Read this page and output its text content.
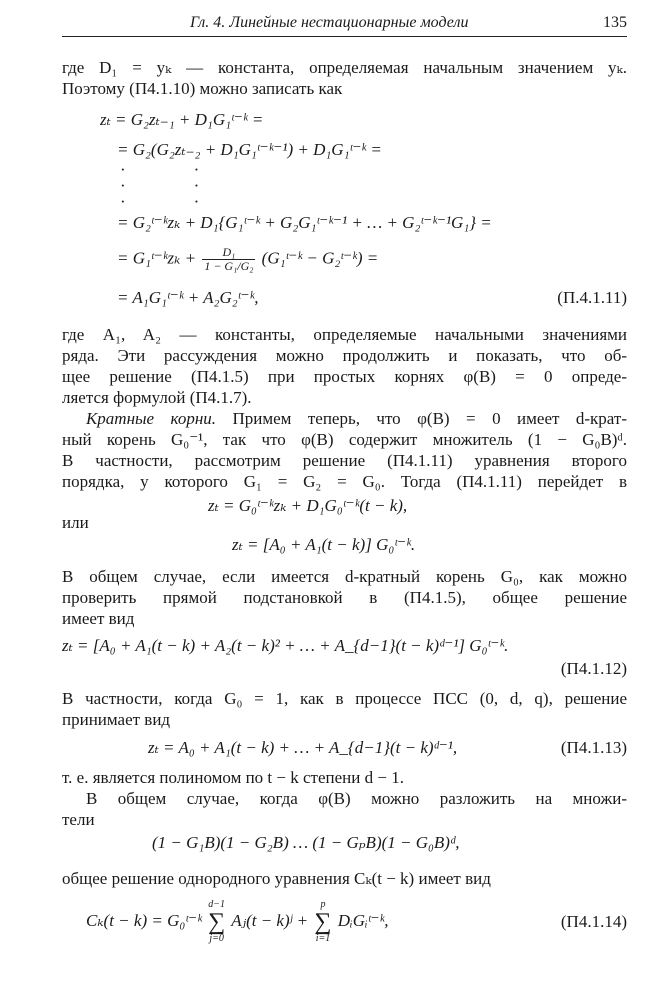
Гл. 4. Линейные нестационарные модели	135
где D₁ = yₖ — константа, определяемая начальным значением yₖ.
Поэтому (П4.1.10) можно записать как
zₜ = G₂zₜ₋₁ + D₁G₁ᵗ⁻ᵏ =
= G₂(G₂zₜ₋₂ + D₁G₁ᵗ⁻ᵏ⁻¹) + D₁G₁ᵗ⁻ᵏ =
·                ·
·                ·
·                ·
= G₂ᵗ⁻ᵏzₖ + D₁{G₁ᵗ⁻ᵏ + G₂G₁ᵗ⁻ᵏ⁻¹ + … + G₂ᵗ⁻ᵏ⁻¹G₁} =
= G₁ᵗ⁻ᵏzₖ + $\frac{\text{D₁}}{\text{1 − G₁/G₂}}$ (G₁ᵗ⁻ᵏ − G₂ᵗ⁻ᵏ) =
= A₁G₁ᵗ⁻ᵏ + A₂G₂ᵗ⁻ᵏ,	(П.4.1.11)
где A₁, A₂ — константы, определяемые начальными значениями
ряда. Эти рассуждения можно продолжить и показать, что об-
щее решение (П4.1.5) при простых корнях φ(B) = 0 опреде-
ляется формулой (П4.1.7).
Кратные корни. Примем теперь, что φ(B) = 0 имеет d-крат-
ный корень G₀⁻¹, так что φ(B) содержит множитель (1 − G₀B)ᵈ.
В частности, рассмотрим решение (П4.1.11) уравнения второго
порядка, у которого G₁ = G₂ = G₀. Тогда (П4.1.11) перейдет в
zₜ = G₀ᵗ⁻ᵏzₖ + D₁G₀ᵗ⁻ᵏ(t − k),
или
zₜ = [A₀ + A₁(t − k)] G₀ᵗ⁻ᵏ.
В общем случае, если имеется d-кратный корень G₀, как можно
проверить прямой подстановкой в (П4.1.5), общее решение
имеет вид
zₜ = [A₀ + A₁(t − k) + A₂(t − k)² + … + A_{d−1}(t − k)ᵈ⁻¹] G₀ᵗ⁻ᵏ.
(П4.1.12)
В частности, когда G₀ = 1, как в процессе ПСС (0, d, q), решение
принимает вид
zₜ = A₀ + A₁(t − k) + … + A_{d−1}(t − k)ᵈ⁻¹,	(П4.1.13)
т. е. является полиномом по t − k степени d − 1.
В общем случае, когда φ(B) можно разложить на множи-
тели
(1 − G₁B)(1 − G₂B) … (1 − GₚB)(1 − G₀B)ᵈ,
общее решение однородного уравнения Cₖ(t − k) имеет вид
Cₖ(t − k) = G₀ᵗ⁻ᵏ
d−1
∑
j=0
Aⱼ(t − k)ʲ +
p
∑
i=1
DᵢGᵢᵗ⁻ᵏ,	(П4.1.14)
